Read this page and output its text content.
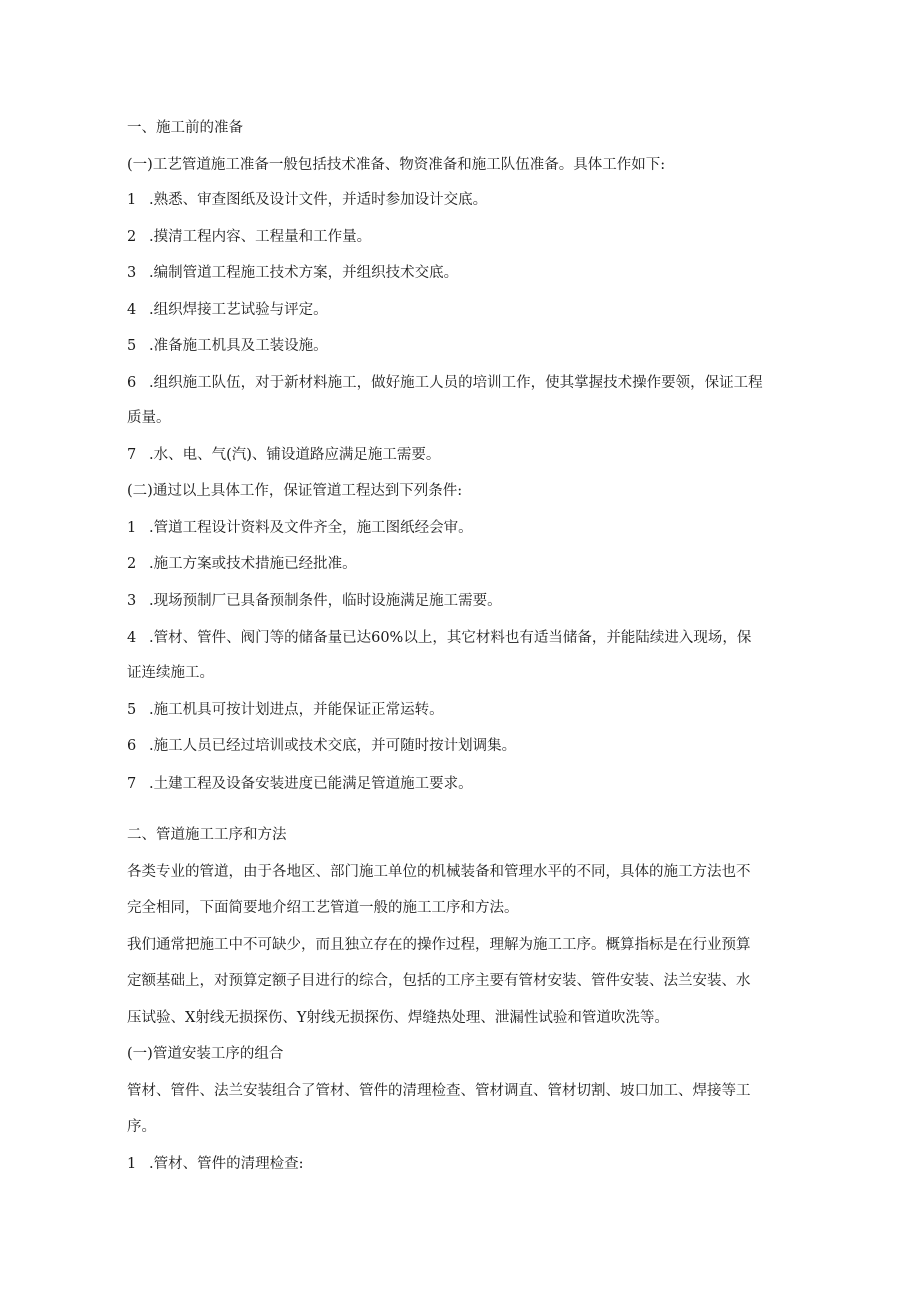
一、施工前的准备
(一)工艺管道施工准备一般包括技术准备、物资准备和施工队伍准备。具体工作如下:
1 .熟悉、审查图纸及设计文件，并适时参加设计交底。
2 .摸清工程内容、工程量和工作量。
3 .编制管道工程施工技术方案，并组织技术交底。
4 .组织焊接工艺试验与评定。
5 .准备施工机具及工装设施。
6 .组织施工队伍，对于新材料施工，做好施工人员的培训工作，使其掌握技术操作要领，保证工程
质量。
7 .水、电、气(汽)、铺设道路应满足施工需要。
(二)通过以上具体工作，保证管道工程达到下列条件:
1 .管道工程设计资料及文件齐全，施工图纸经会审。
2 .施工方案或技术措施已经批准。
3 .现场预制厂已具备预制条件，临时设施满足施工需要。
4 .管材、管件、阀门等的储备量已达60%以上，其它材料也有适当储备，并能陆续进入现场，保
证连续施工。
5 .施工机具可按计划进点，并能保证正常运转。
6 .施工人员已经过培训或技术交底，并可随时按计划调集。
7 .土建工程及设备安装进度已能满足管道施工要求。
二、管道施工工序和方法
各类专业的管道，由于各地区、部门施工单位的机械装备和管理水平的不同，具体的施工方法也不
完全相同，下面简要地介绍工艺管道一般的施工工序和方法。
我们通常把施工中不可缺少，而且独立存在的操作过程，理解为施工工序。概算指标是在行业预算
定额基础上，对预算定额子目进行的综合，包括的工序主要有管材安装、管件安装、法兰安装、水
压试验、X射线无损探伤、Y射线无损探伤、焊缝热处理、泄漏性试验和管道吹洗等。
(一)管道安装工序的组合
管材、管件、法兰安装组合了管材、管件的清理检查、管材调直、管材切割、坡口加工、焊接等工
序。
1 .管材、管件的清理检查:
